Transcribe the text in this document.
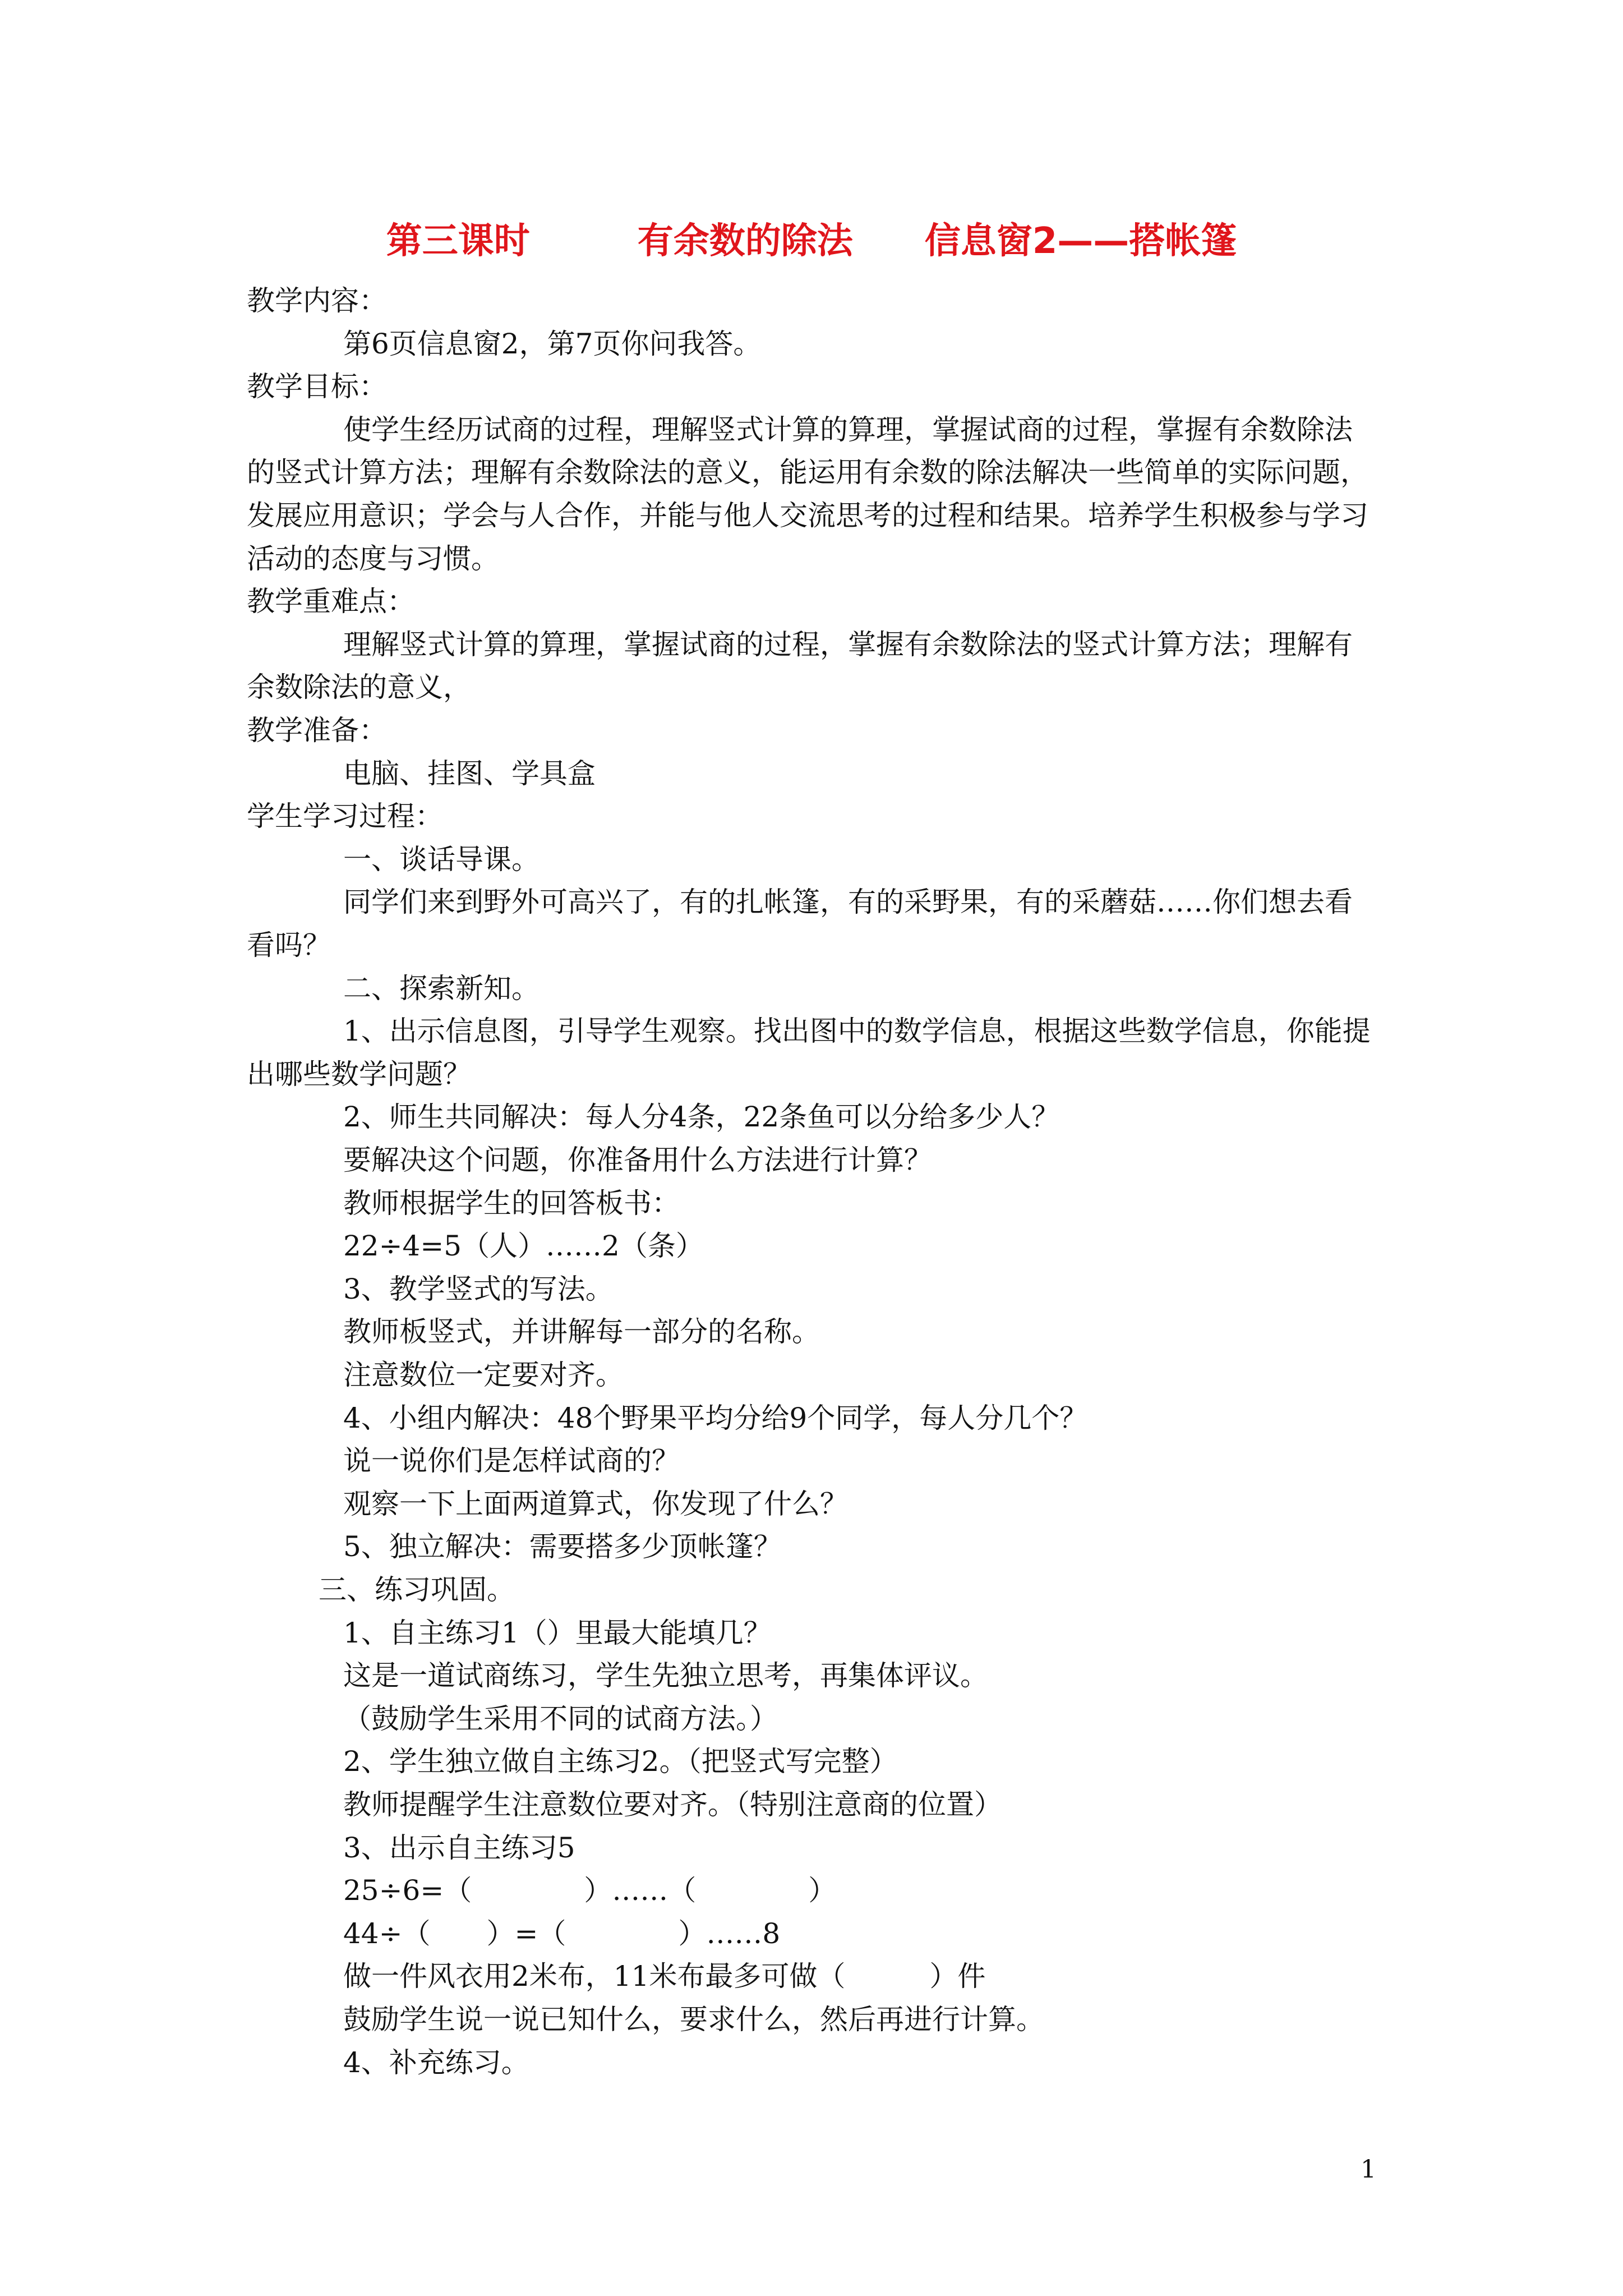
第三课时　　　有余数的除法　　信息窗2——搭帐篷
教学内容：
第6页信息窗2，第7页你问我答。
教学目标：
使学生经历试商的过程，理解竖式计算的算理，掌握试商的过程，掌握有余数除法
的竖式计算方法；理解有余数除法的意义，能运用有余数的除法解决一些简单的实际问题，
发展应用意识；学会与人合作，并能与他人交流思考的过程和结果。培养学生积极参与学习
活动的态度与习惯。
教学重难点：
理解竖式计算的算理，掌握试商的过程，掌握有余数除法的竖式计算方法；理解有
余数除法的意义，
教学准备：
电脑、挂图、学具盒
学生学习过程：
一、谈话导课。
同学们来到野外可高兴了，有的扎帐篷，有的采野果，有的采蘑菇……你们想去看
看吗？
二、探索新知。
1、出示信息图，引导学生观察。找出图中的数学信息，根据这些数学信息，你能提
出哪些数学问题？
2、师生共同解决：每人分4条，22条鱼可以分给多少人？
要解决这个问题，你准备用什么方法进行计算？
教师根据学生的回答板书：
22÷4=5（人）……2（条）
3、教学竖式的写法。
教师板竖式，并讲解每一部分的名称。
注意数位一定要对齐。
4、小组内解决：48个野果平均分给9个同学，每人分几个？
说一说你们是怎样试商的？
观察一下上面两道算式，你发现了什么？
5、独立解决：需要搭多少顶帐篷？
三、练习巩固。
1、自主练习1（）里最大能填几？
这是一道试商练习，学生先独立思考，再集体评议。
（鼓励学生采用不同的试商方法。）
2、学生独立做自主练习2。（把竖式写完整）
教师提醒学生注意数位要对齐。（特别注意商的位置）
3、出示自主练习5
25÷6=（　　　　）……（　　　　）
44÷（　　）=（　　　　）……8
做一件风衣用2米布，11米布最多可做（　　　）件
鼓励学生说一说已知什么，要求什么，然后再进行计算。
4、补充练习。
1
